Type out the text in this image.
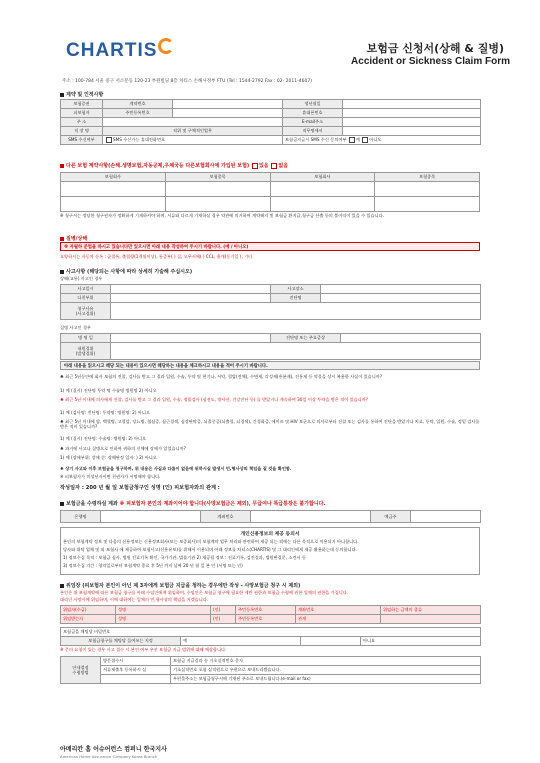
CHARTIS	보험금 신청서(상해 & 질병)
Accident or Sickness Claim Form
주소 : 100-784 서울 중구 서소문동 120-23 부원빌딩 8층 차티스 손해사정부 FTU (Tel : 1544-2792 Fax : 02- 2011-4607)
계약 및 인적사항
보험증권	계약번호		생년월일	
피보험자	주민등록번호		휴대폰번호	
주 소			E-mail주소	
직 장 명	직위 및 구체적인업무		직무명세서	
SMS 수신여부	SMS 수신가능 휴대전화번호		보험금지급시 SMS 수신 동의여부 예 아니오	
다른 보험 계약사항(손해.생명보험,자동공제,우체국등 다른보험회사에 가입된 보험) 있음 없음
보험회사	보험종목	보험회사	보험종목

※ 청구서는 정당한 청구권자가 정확하게 기재하셔야 하며, 서류와 다르게 기재하실 경우 약관에 의거하여 계약해지 및 보험금 환지급,청구금 산출 등의 불이익이 있을 수 있습니다.
질병/상해
※ 자필하 준법을 하시고 있습니다만 있으시면 아래 내용 작성하여 주시기 바랍니다. (예 / 아니오)
요양하시는 자동차 등록 : 골절폭, 출혈량(1개월이상), 통증부( ) 질, 오무서에( ) CCL, 흉개(동기일 ), 기타
사고사항 (해당되는 사항에 따라 상세히 기술해 주십시오)
상해(교통) 사고인 경우
사고일시		사고장소	
다친부위		진단명	
청구사유
(사고경위)			
질병 사고인 경우
병 명 일		진단명 또는 주요증상	
내원경위
(발생경위)			
아래 내용을 읽으시고 해당 되는 내용이 있으시면 해당하는 내용을 체크하시고 내용을 적어 주시기 바랍니다.
♣ 최근 5년동안에 회사 보험의 진찰, 검사를 받고 그 결과 입원, 수술, 투약 및 현기나, 서약, 혈압(전체), 수면제, 각성제(흥분제), 진통제 등 약물을 상시 복용한 사실이 있습니까?
1) 예 (질시) 진단명 투약 명 수술명 병원명 2) 아니오
♣ 최근 5년 이내에 의사에게 진찰, 검사를 받고 그 결과 입원, 수술, 정밀검사 (심전도, 방사선, 건강진단 등) 를 받았거나 계속하여 30일 이상 투약을 받은 적이 있습니까?
1) 예 (검사명: 진단명: 투약명: 병원명: 2) 아니오
♣ 최근 5년 이내에 암, 백혈병, 고혈압, 당뇨병, 협심증, 심근경색, 심장판막증, 뇌졸중증(뇌출혈, 뇌경색), 간경화증, 에이즈 및 HIV 보균으로 의사로부터 진찰 또는 검사를 통하여 진단을 받았거나 치료, 투약, 입원, 수술, 정밀 검사를 받은 적이 있습니까?
1) 예 (질시) 진단명: 수술명: 병원명: 2) 아니오
♣ 과거에 사고나 질병으로 인하여 귀하의 신체에 장애가 있었습니까?
1) 예 (장애부위: 장애 순: 장해판정 일자: ) 2) 아니오
♣ 상기 사고와 이후 보험금을 청구하며, 위 내용은 사실과 다름이 없음에 위하시실 발생시 민,형사상의 책임을 질 것을 확인함.
※ 피보험자가 미성년자이면 친권자가 서명해야 합니다.
작성일자 : 200 년 월 일 보험금청구인 성명 (인) 피보험자와의 관계 :
보험금을 수령하실 계좌 ※ 피보험자 본인의 계좌이어야 합니다(사망보험금은 제외), 무급여나 특급통장은 불가합니다.
은행명		계좌번호		예금주	
개인신용정보의 제공 동의서
본인의 보험계약 정보 및 다음의 신용정보는 신용정보회사(또는 보증회사)의 보험계약 업무 처리와 관련하여 제공 되는 외에는 다른 목적으로 이용되지 아니합니다.
당사와 위탁 업체 및 외 보험사 에 제공하여 보험사고(신용유보)를 위해서 이용되며 아래 정보를 차티스(CHARTIS) 및 그 대리인에게 제공 활용하는데 동의합니다.
1) 정보수집 목적 : 보험금 심사, 병원 진료기록 확인, 국가기관, 법률기관 2) 제공될 정보 : 진료기록, 검진결과, 법원판결문, 소견서 등
3) 정보수집 기간 : 청약일로부터 보험계약 종료 후 5년 까지 날짜 20 년 월 일 본 인 (서명 또는 인)
위임장 (피보험자 본인이 아닌 제 3자에게 보험금 지급을 청하는 경우에만 작성 - 사망보험금 청구 시 제외)
본인은 위 보험계약에 따른 보험금 청구를 아래 수임인에게 위임하며, 수임인은 보험금 청구에 필요한 제반 권한과 보험금 수령에 관한 일체의 권한을 가집니다.
대리인 사망시에 위임하며, 이에 대하여는 일체의 민,형사상의 책임을 지겠습니다.
위임자(수급)	성명	(인)	주민등록번호	계좌번호	위임하는 금액의 종류
위임받는자	성명	(인)	주민등록번호	관계	
보험금을 채팅당 비밀번호
보험금청구를 채팅당 들여쓰는 지정	예		아니요
※ 문의 요청이 있는 경우 사고 접수 시 본인 여부 우선 보험금 지급 범위에 대해 예상합니다.
안내접점
수령방법	방문접수시	보험금 지급결과 등 기초실적번호 문자
	서류제출후 등록하시 실	기초실적번호 포함 실적원으로 우편으로 보내드리겠습니다.
		우편물주소는 보험금청구서에 기재된 주소로 보내드립니다.(e-mail or fax)
아메리칸 홈 어슈어런스 컴퍼니 한국지사
American Home Assurance Company Korea Branch
